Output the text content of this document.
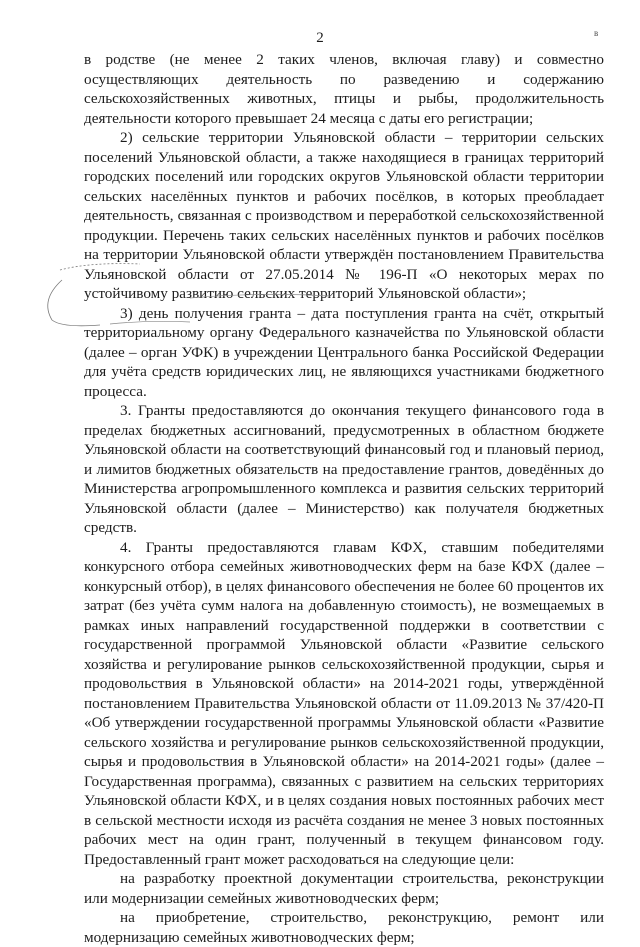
2	в

в родстве (не менее 2 таких членов, включая главу) и совместно осуществляющих деятельность по разведению и содержанию сельскохозяйственных животных, птицы и рыбы, продолжительность деятельности которого превышает 24 месяца с даты его регистрации;

2) сельские территории Ульяновской области – территории сельских поселений Ульяновской области, а также находящиеся в границах территорий городских поселений или городских округов Ульяновской области территории сельских населённых пунктов и рабочих посёлков, в которых преобладает деятельность, связанная с производством и переработкой сельскохозяйственной продукции. Перечень таких сельских населённых пунктов и рабочих посёлков на территории Ульяновской области утверждён постановлением Правительства Ульяновской области от 27.05.2014 № 196-П «О некоторых мерах по устойчивому развитию сельских территорий Ульяновской области»;

3) день получения гранта – дата поступления гранта на счёт, открытый территориальному органу Федерального казначейства по Ульяновской области (далее – орган УФК) в учреждении Центрального банка Российской Федерации для учёта средств юридических лиц, не являющихся участниками бюджетного процесса.

3. Гранты предоставляются до окончания текущего финансового года в пределах бюджетных ассигнований, предусмотренных в областном бюджете Ульяновской области на соответствующий финансовый год и плановый период, и лимитов бюджетных обязательств на предоставление грантов, доведённых до Министерства агропромышленного комплекса и развития сельских территорий Ульяновской области (далее – Министерство) как получателя бюджетных средств.

4. Гранты предоставляются главам КФХ, ставшим победителями конкурсного отбора семейных животноводческих ферм на базе КФХ (далее – конкурсный отбор), в целях финансового обеспечения не более 60 процентов их затрат (без учёта сумм налога на добавленную стоимость), не возмещаемых в рамках иных направлений государственной поддержки в соответствии с государственной программой Ульяновской области «Развитие сельского хозяйства и регулирование рынков сельскохозяйственной продукции, сырья и продовольствия в Ульяновской области» на 2014-2021 годы, утверждённой постановлением Правительства Ульяновской области от 11.09.2013 № 37/420-П «Об утверждении государственной программы Ульяновской области «Развитие сельского хозяйства и регулирование рынков сельскохозяйственной продукции, сырья и продовольствия в Ульяновской области» на 2014-2021 годы» (далее – Государственная программа), связанных с развитием на сельских территориях Ульяновской области КФХ, и в целях создания новых постоянных рабочих мест в сельской местности исходя из расчёта создания не менее 3 новых постоянных рабочих мест на один грант, полученный в текущем финансовом году. Предоставленный грант может расходоваться на следующие цели:

на разработку проектной документации строительства, реконструкции или модернизации семейных животноводческих ферм;

на приобретение, строительство, реконструкцию, ремонт или модернизацию семейных животноводческих ферм;
